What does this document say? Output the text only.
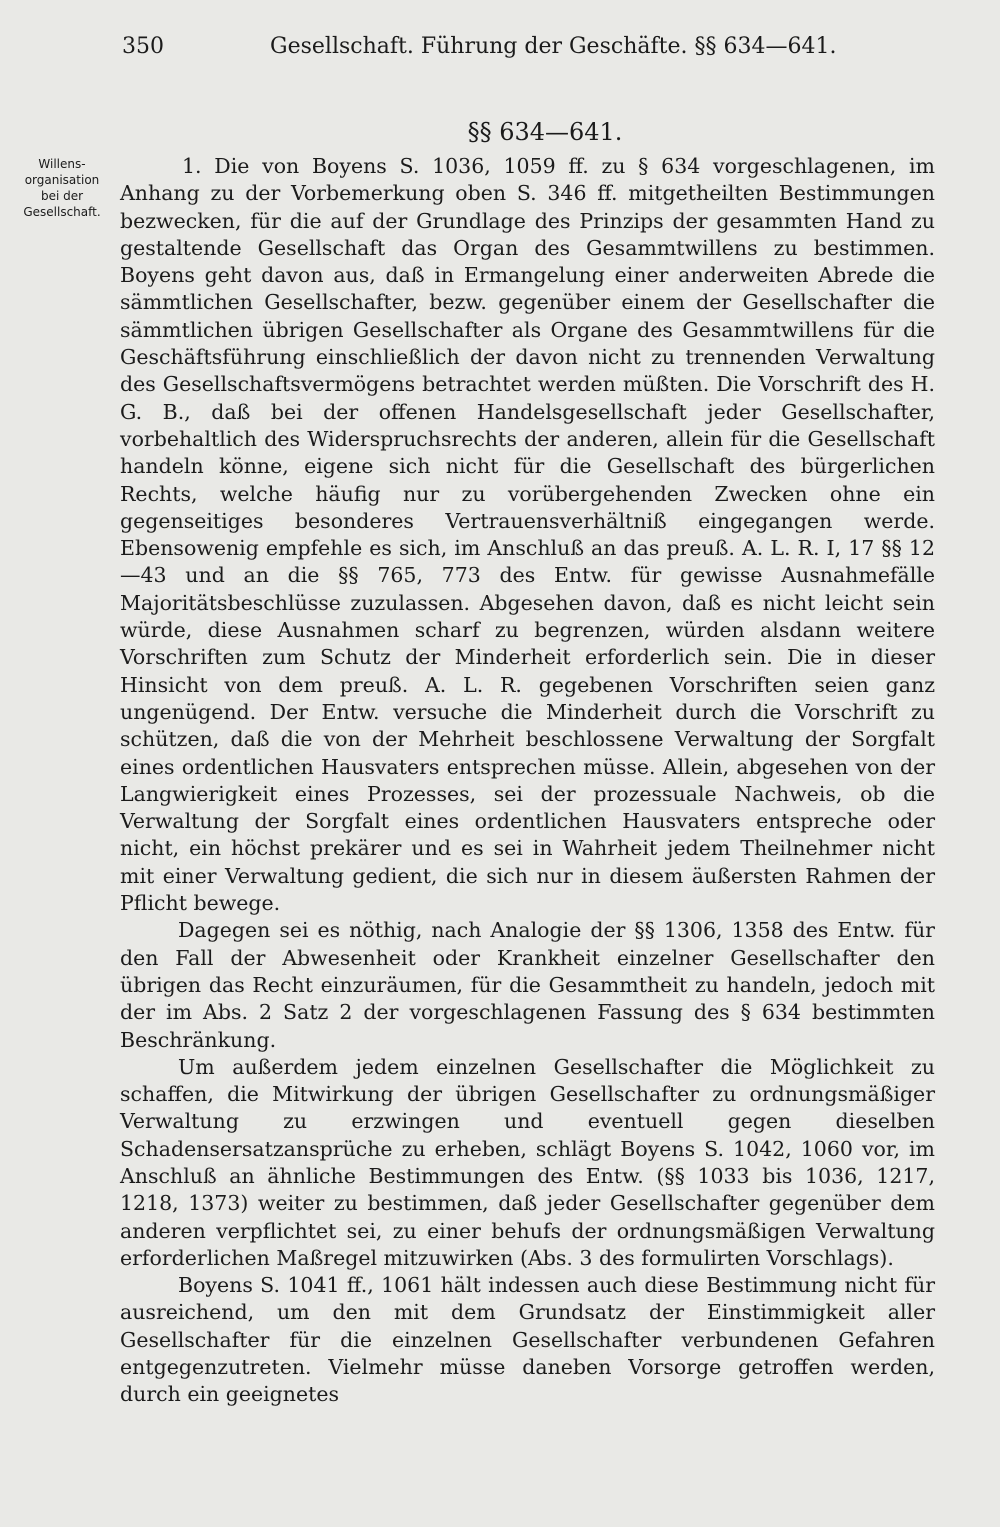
350	Gesellschaft. Führung der Geschäfte. §§ 634—641.
§§ 634—641.
Willens-
organisation
bei der
Gesellschaft.

1. Die von Boyens S. 1036, 1059 ff. zu § 634 vorgeschlagenen, im Anhang zu der Vorbemerkung oben S. 346 ff. mitgetheilten Bestimmungen bezwecken, für die auf der Grundlage des Prinzips der gesammten Hand zu gestaltende Gesellschaft das Organ des Gesammtwillens zu bestimmen. Boyens geht davon aus, daß in Ermangelung einer anderweiten Abrede die sämmtlichen Gesellschafter, bezw. gegenüber einem der Gesellschafter die sämmtlichen übrigen Gesellschafter als Organe des Gesammtwillens für die Geschäftsführung einschließlich der davon nicht zu trennenden Verwaltung des Gesellschaftsvermögens betrachtet werden müßten. Die Vorschrift des H. G. B., daß bei der offenen Handelsgesellschaft jeder Gesellschafter, vorbehaltlich des Widerspruchsrechts der anderen, allein für die Gesellschaft handeln könne, eigene sich nicht für die Gesellschaft des bürgerlichen Rechts, welche häufig nur zu vorübergehenden Zwecken ohne ein gegenseitiges besonderes Vertrauensverhältniß eingegangen werde. Ebensowenig empfehle es sich, im Anschluß an das preuß. A. L. R. I, 17 §§ 12—43 und an die §§ 765, 773 des Entw. für gewisse Ausnahmefälle Majoritätsbeschlüsse zuzulassen. Abgesehen davon, daß es nicht leicht sein würde, diese Ausnahmen scharf zu begrenzen, würden alsdann weitere Vorschriften zum Schutz der Minderheit erforderlich sein. Die in dieser Hinsicht von dem preuß. A. L. R. gegebenen Vorschriften seien ganz ungenügend. Der Entw. versuche die Minderheit durch die Vorschrift zu schützen, daß die von der Mehrheit beschlossene Verwaltung der Sorgfalt eines ordentlichen Hausvaters entsprechen müsse. Allein, abgesehen von der Langwierigkeit eines Prozesses, sei der prozessuale Nachweis, ob die Verwaltung der Sorgfalt eines ordentlichen Hausvaters entspreche oder nicht, ein höchst prekärer und es sei in Wahrheit jedem Theilnehmer nicht mit einer Verwaltung gedient, die sich nur in diesem äußersten Rahmen der Pflicht bewege.

Dagegen sei es nöthig, nach Analogie der §§ 1306, 1358 des Entw. für den Fall der Abwesenheit oder Krankheit einzelner Gesellschafter den übrigen das Recht einzuräumen, für die Gesammtheit zu handeln, jedoch mit der im Abs. 2 Satz 2 der vorgeschlagenen Fassung des § 634 bestimmten Beschränkung.

Um außerdem jedem einzelnen Gesellschafter die Möglichkeit zu schaffen, die Mitwirkung der übrigen Gesellschafter zu ordnungsmäßiger Verwaltung zu erzwingen und eventuell gegen dieselben Schadensersatzansprüche zu erheben, schlägt Boyens S. 1042, 1060 vor, im Anschluß an ähnliche Bestimmungen des Entw. (§§ 1033 bis 1036, 1217, 1218, 1373) weiter zu bestimmen, daß jeder Gesellschafter gegenüber dem anderen verpflichtet sei, zu einer behufs der ordnungsmäßigen Verwaltung erforderlichen Maßregel mitzuwirken (Abs. 3 des formulirten Vorschlags).

Boyens S. 1041 ff., 1061 hält indessen auch diese Bestimmung nicht für ausreichend, um den mit dem Grundsatz der Einstimmigkeit aller Gesellschafter für die einzelnen Gesellschafter verbundenen Gefahren entgegenzutreten. Vielmehr müsse daneben Vorsorge getroffen werden, durch ein geeignetes
